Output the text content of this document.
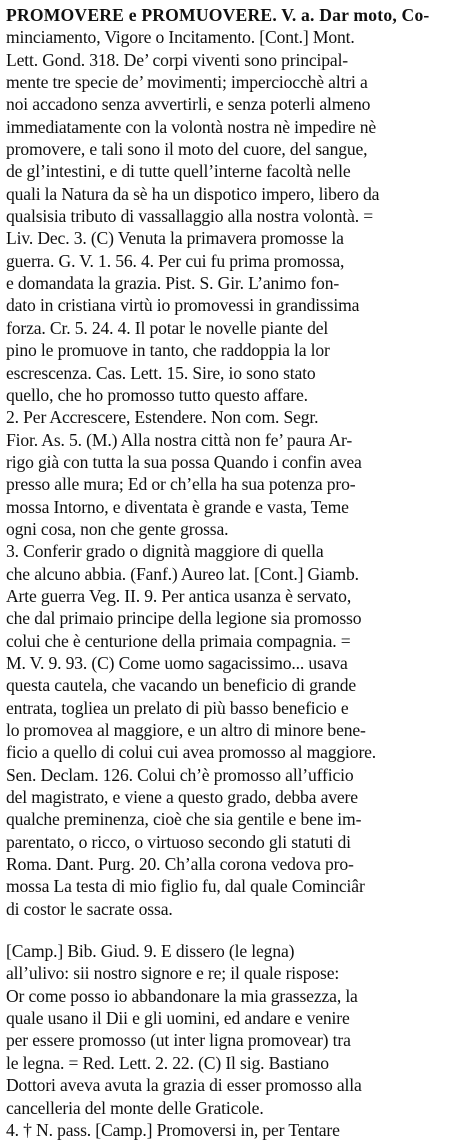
PROMOVERE e PROMUOVERE. V. a. Dar moto, Co-
minciamento, Vigore o Incitamento. [Cont.] Mont.
Lett. Gond. 318. De’ corpi viventi sono principal-
mente tre specie de’ movimenti; imperciocchè altri a
noi accadono senza avvertirli, e senza poterli almeno
immediatamente con la volontà nostra nè impedire nè
promovere, e tali sono il moto del cuore, del sangue,
de gl’intestini, e di tutte quell’interne facoltà nelle
quali la Natura da sè ha un dispotico impero, libero da
qualsisia tributo di vassallaggio alla nostra volontà. =
Liv. Dec. 3. (C) Venuta la primavera promosse la
guerra. G. V. 1. 56. 4. Per cui fu prima promossa,
e domandata la grazia. Pist. S. Gir. L’animo fon-
dato in cristiana virtù io promovessi in grandissima
forza. Cr. 5. 24. 4. Il potar le novelle piante del
pino le promuove in tanto, che raddoppia la lor
escrescenza. Cas. Lett. 15. Sire, io sono stato
quello, che ho promosso tutto questo affare.
2. Per Accrescere, Estendere. Non com. Segr.
Fior. As. 5. (M.) Alla nostra città non fe’ paura Ar-
rigo già con tutta la sua possa Quando i confin avea
presso alle mura; Ed or ch’ella ha sua potenza pro-
mossa Intorno, e diventata è grande e vasta, Teme
ogni cosa, non che gente grossa.
3. Conferir grado o dignità maggiore di quella
che alcuno abbia. (Fanf.) Aureo lat. [Cont.] Giamb.
Arte guerra Veg. II. 9. Per antica usanza è servato,
che dal primaio principe della legione sia promosso
colui che è centurione della primaia compagnia. =
M. V. 9. 93. (C) Come uomo sagacissimo... usava
questa cautela, che vacando un beneficio di grande
entrata, togliea un prelato di più basso beneficio e
lo promovea al maggiore, e un altro di minore bene-
ficio a quello di colui cui avea promosso al maggiore.
Sen. Declam. 126. Colui ch’è promosso all’ufficio
del magistrato, e viene a questo grado, debba avere
qualche preminenza, cioè che sia gentile e bene im-
parentato, o ricco, o virtuoso secondo gli statuti di
Roma. Dant. Purg. 20. Ch’alla corona vedova pro-
mossa La testa di mio figlio fu, dal quale Cominciâr
di costor le sacrate ossa.
[Camp.] Bib. Giud. 9. E dissero (le legna)
all’ulivo: sii nostro signore e re; il quale rispose:
Or come posso io abbandonare la mia grassezza, la
quale usano il Dii e gli uomini, ed andare e venire
per essere promosso (ut inter ligna promovear) tra
le legna. = Red. Lett. 2. 22. (C) Il sig. Bastiano
Dottori aveva avuta la grazia di esser promosso alla
cancelleria del monte delle Graticole.
4. † N. pass. [Camp.] Promoversi in, per Tentare
